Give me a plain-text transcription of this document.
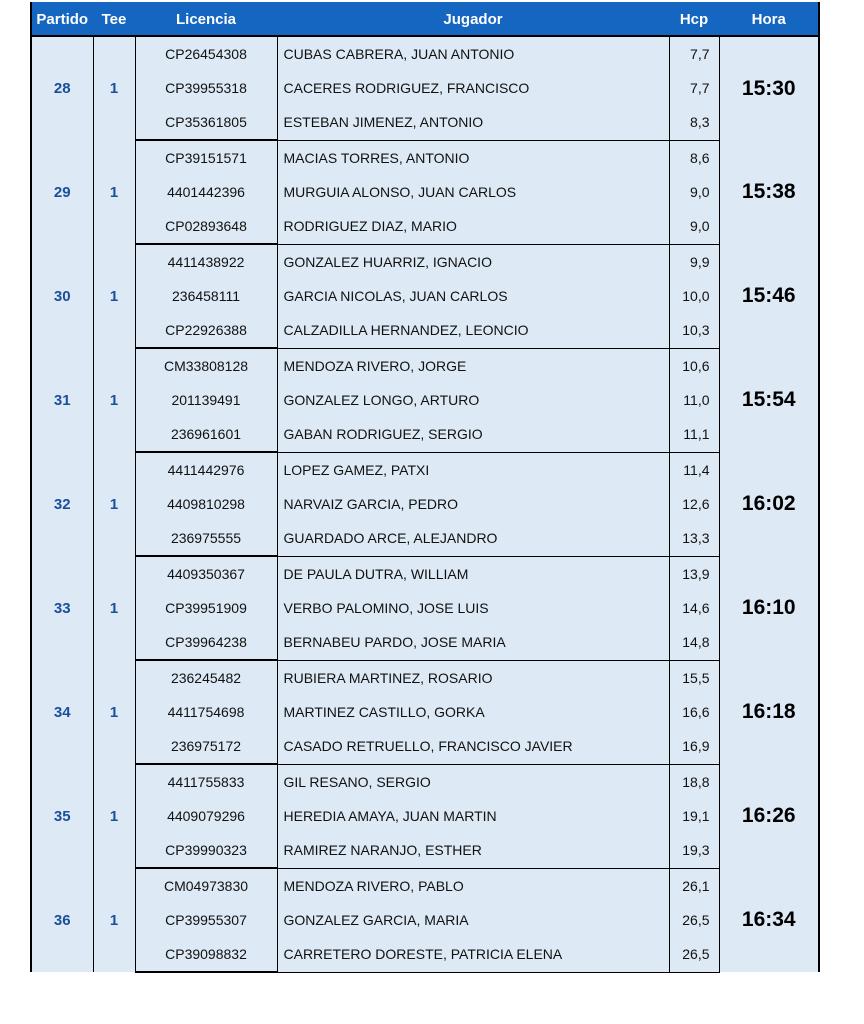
Partido	Tee	Licencia	Jugador	Hcp	Hora
28	1	CP26454308	CUBAS CABRERA, JUAN ANTONIO	7,7	15:30
		CP39955318	CACERES RODRIGUEZ, FRANCISCO	7,7	
		CP35361805	ESTEBAN JIMENEZ, ANTONIO	8,3	
29	1	CP39151571	MACIAS TORRES, ANTONIO	8,6	15:38
		4401442396	MURGUIA ALONSO, JUAN CARLOS	9,0	
		CP02893648	RODRIGUEZ DIAZ, MARIO	9,0	
30	1	4411438922	GONZALEZ HUARRIZ, IGNACIO	9,9	15:46
		236458111	GARCIA NICOLAS, JUAN CARLOS	10,0	
		CP22926388	CALZADILLA HERNANDEZ, LEONCIO	10,3	
31	1	CM33808128	MENDOZA RIVERO, JORGE	10,6	15:54
		201139491	GONZALEZ LONGO, ARTURO	11,0	
		236961601	GABAN RODRIGUEZ, SERGIO	11,1	
32	1	4411442976	LOPEZ GAMEZ, PATXI	11,4	16:02
		4409810298	NARVAIZ GARCIA, PEDRO	12,6	
		236975555	GUARDADO ARCE, ALEJANDRO	13,3	
33	1	4409350367	DE PAULA DUTRA, WILLIAM	13,9	16:10
		CP39951909	VERBO PALOMINO, JOSE LUIS	14,6	
		CP39964238	BERNABEU PARDO, JOSE MARIA	14,8	
34	1	236245482	RUBIERA MARTINEZ, ROSARIO	15,5	16:18
		4411754698	MARTINEZ CASTILLO, GORKA	16,6	
		236975172	CASADO RETRUELLO, FRANCISCO JAVIER	16,9	
35	1	4411755833	GIL RESANO, SERGIO	18,8	16:26
		4409079296	HEREDIA AMAYA, JUAN MARTIN	19,1	
		CP39990323	RAMIREZ NARANJO, ESTHER	19,3	
36	1	CM04973830	MENDOZA RIVERO, PABLO	26,1	16:34
		CP39955307	GONZALEZ GARCIA, MARIA	26,5	
		CP39098832	CARRETERO DORESTE, PATRICIA ELENA	26,5	
